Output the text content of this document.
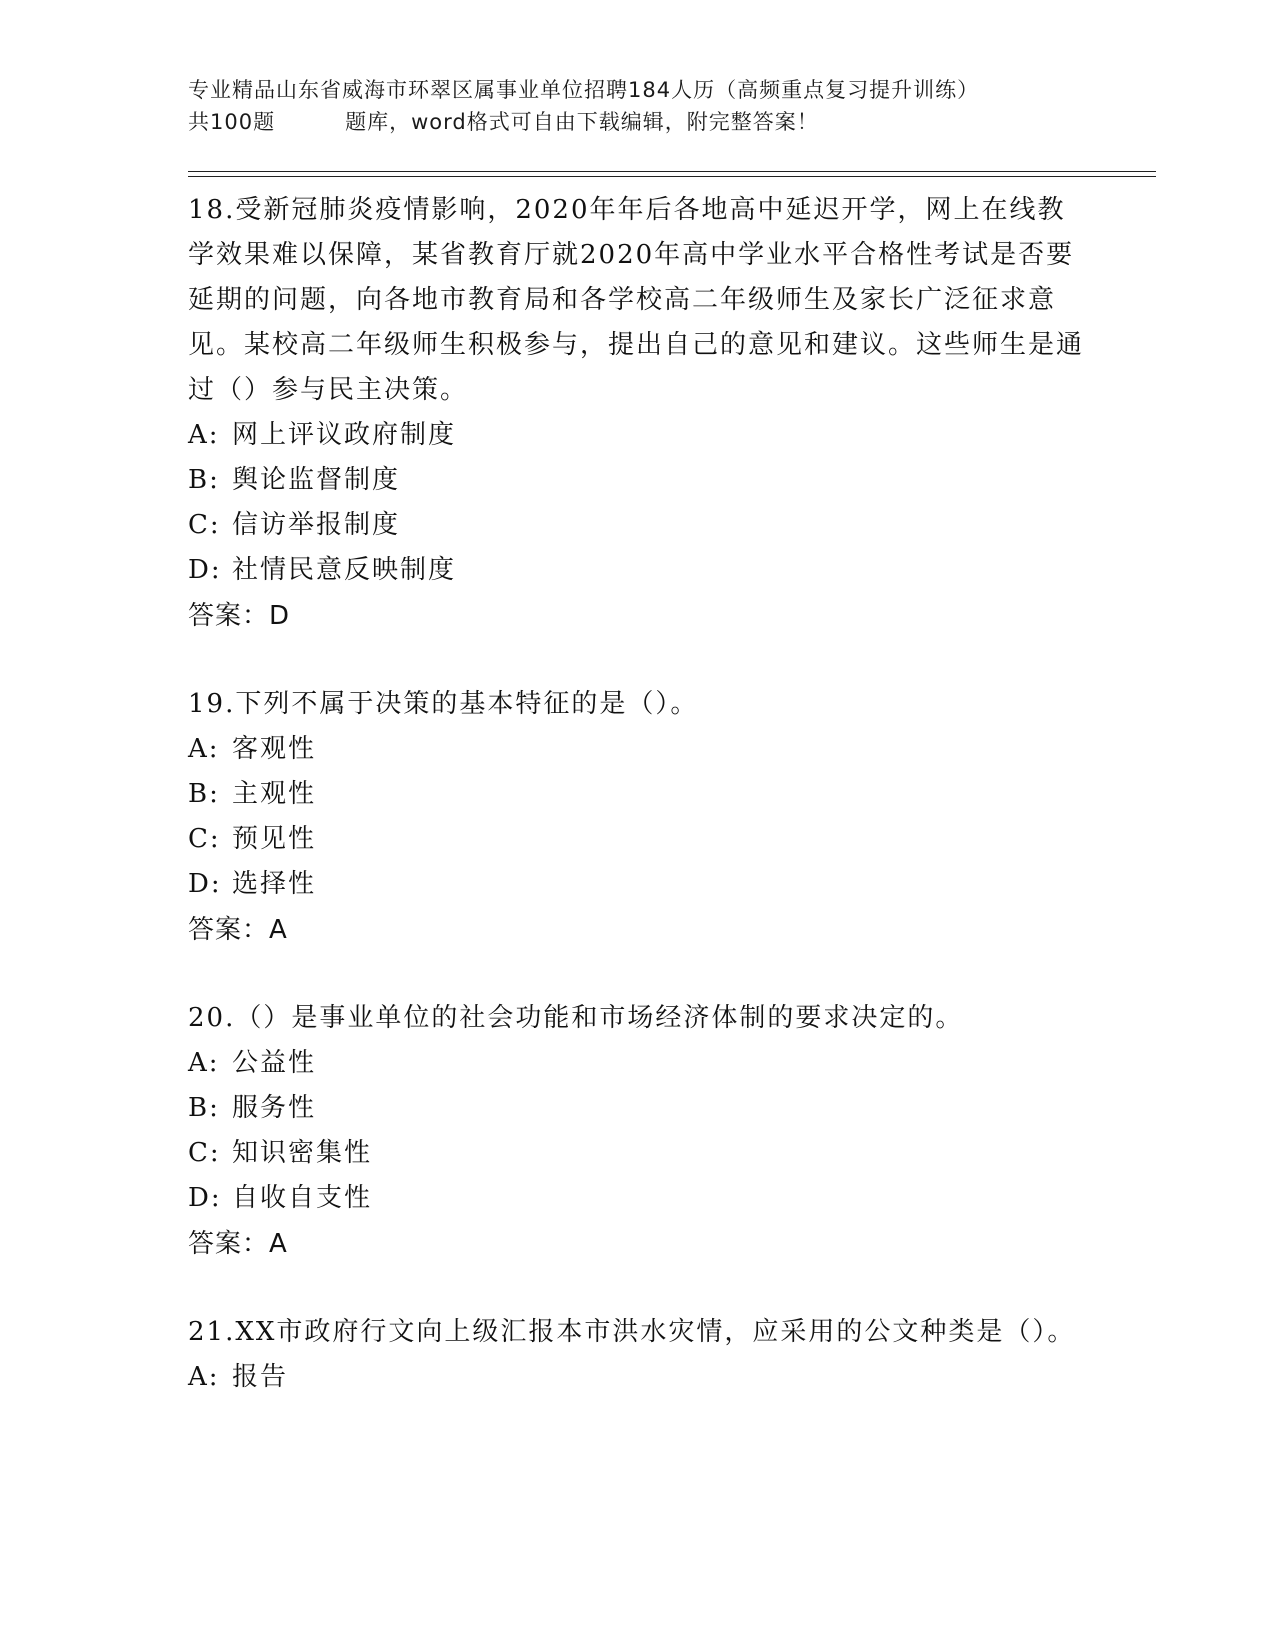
专业精品山东省威海市环翠区属事业单位招聘184人历（高频重点复习提升训练）
共100题	题库，word格式可自由下载编辑，附完整答案！
18.受新冠肺炎疫情影响，2020年年后各地高中延迟开学，网上在线教学效果难以保障，某省教育厅就2020年高中学业水平合格性考试是否要延期的问题，向各地市教育局和各学校高二年级师生及家长广泛征求意见。某校高二年级师生积极参与，提出自己的意见和建议。这些师生是通过（）参与民主决策。
A: 网上评议政府制度
B: 舆论监督制度
C: 信访举报制度
D: 社情民意反映制度
答案：D
19.下列不属于决策的基本特征的是（）。
A: 客观性
B: 主观性
C: 预见性
D: 选择性
答案：A
20.（）是事业单位的社会功能和市场经济体制的要求决定的。
A: 公益性
B: 服务性
C: 知识密集性
D: 自收自支性
答案：A
21.XX市政府行文向上级汇报本市洪水灾情，应采用的公文种类是（）。
A: 报告
